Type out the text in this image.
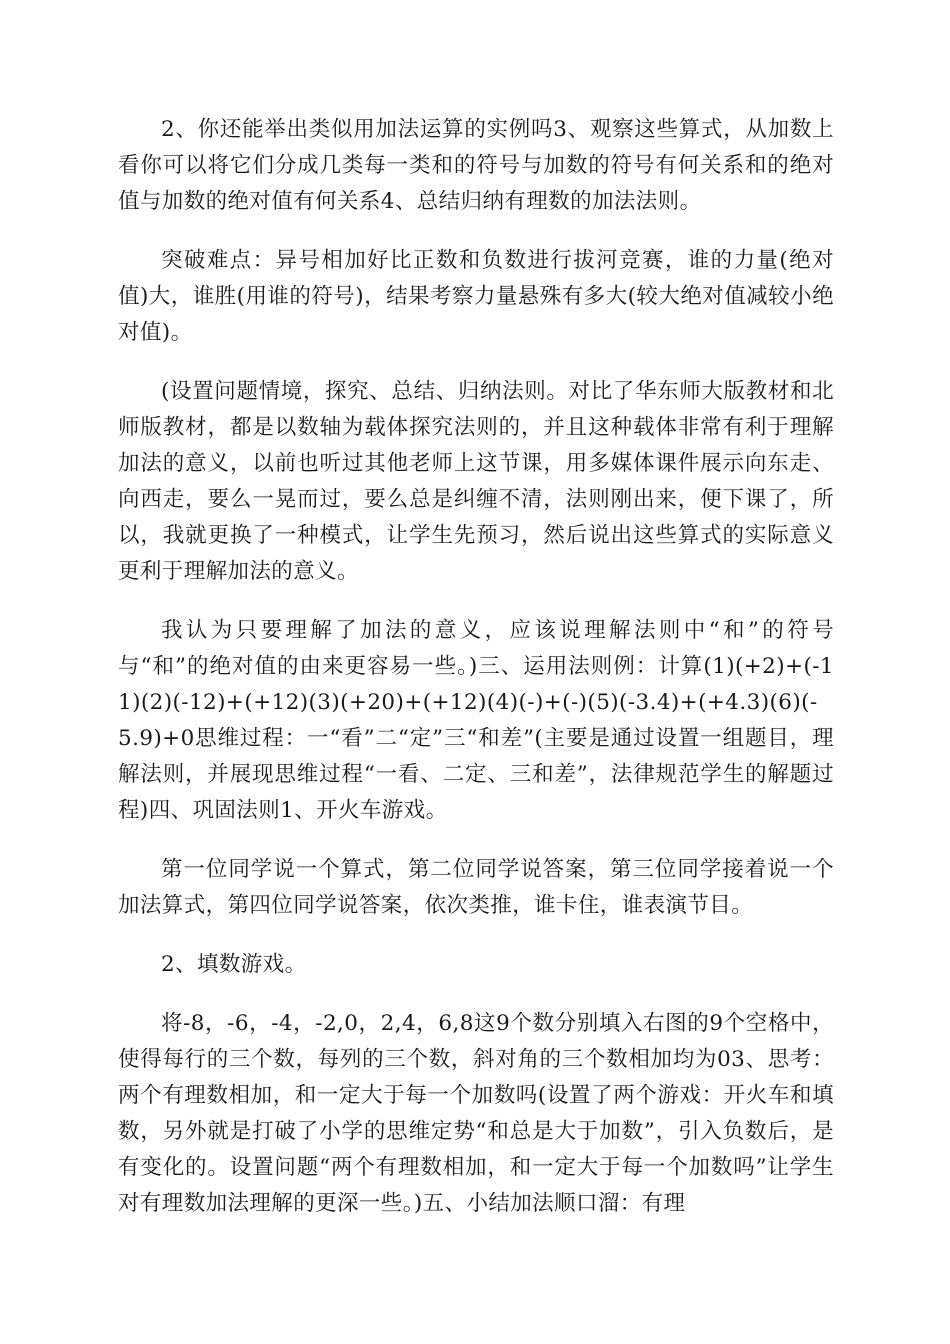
2、你还能举出类似用加法运算的实例吗3、观察这些算式，从加数上看你可以将它们分成几类每一类和的符号与加数的符号有何关系和的绝对值与加数的绝对值有何关系4、总结归纳有理数的加法法则。

突破难点：异号相加好比正数和负数进行拔河竞赛，谁的力量(绝对值)大，谁胜(用谁的符号)，结果考察力量悬殊有多大(较大绝对值减较小绝对值)。

(设置问题情境，探究、总结、归纳法则。对比了华东师大版教材和北师版教材，都是以数轴为载体探究法则的，并且这种载体非常有利于理解加法的意义，以前也听过其他老师上这节课，用多媒体课件展示向东走、向西走，要么一晃而过，要么总是纠缠不清，法则刚出来，便下课了，所以，我就更换了一种模式，让学生先预习，然后说出这些算式的实际意义更利于理解加法的意义。

我认为只要理解了加法的意义，应该说理解法则中“和”的符号与“和”的绝对值的由来更容易一些。)三、运用法则例：计算(1)(+2)+(-11)(2)(-12)+(+12)(3)(+20)+(+12)(4)(-)+(-)(5)(-3.4)+(+4.3)(6)(-5.9)+0思维过程：一“看”二“定”三“和差”(主要是通过设置一组题目，理解法则，并展现思维过程“一看、二定、三和差”，法律规范学生的解题过程)四、巩固法则1、开火车游戏。

第一位同学说一个算式，第二位同学说答案，第三位同学接着说一个加法算式，第四位同学说答案，依次类推，谁卡住，谁表演节目。

2、填数游戏。

将-8，-6，-4，-2,0，2,4，6,8这9个数分别填入右图的9个空格中，使得每行的三个数，每列的三个数，斜对角的三个数相加均为03、思考：两个有理数相加，和一定大于每一个加数吗(设置了两个游戏：开火车和填数，另外就是打破了小学的思维定势“和总是大于加数”，引入负数后，是有变化的。设置问题“两个有理数相加，和一定大于每一个加数吗”让学生对有理数加法理解的更深一些。)五、小结加法顺口溜：有理
